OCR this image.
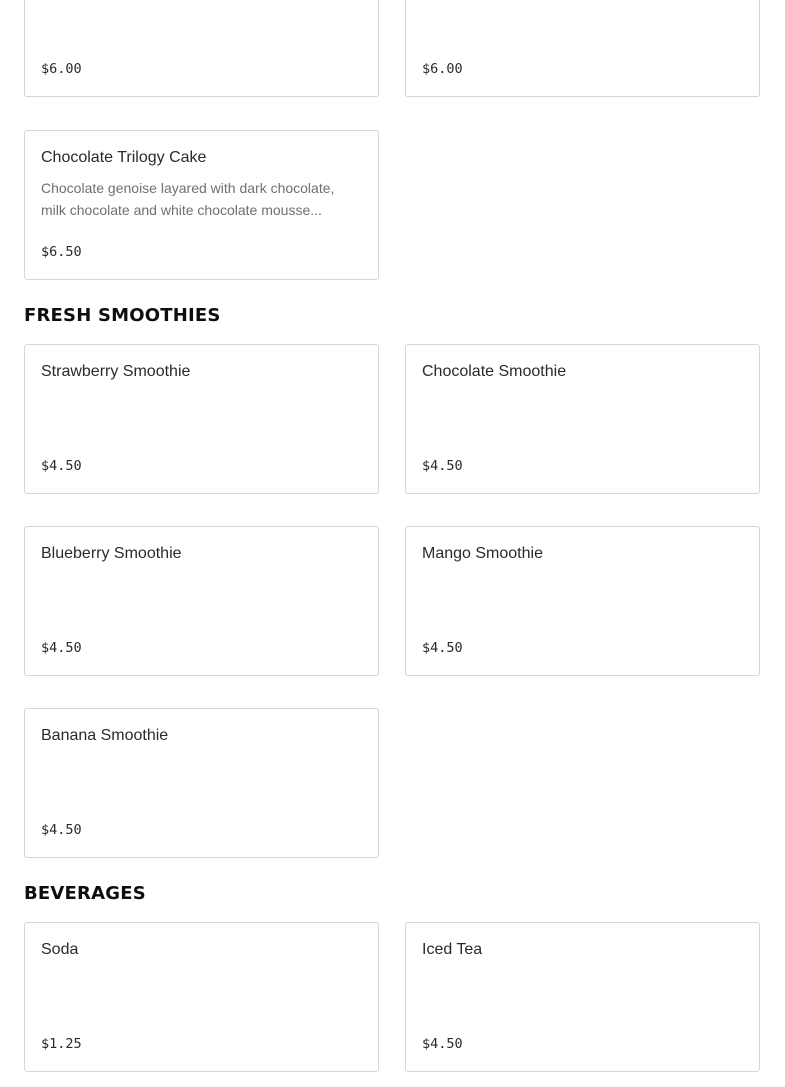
$6.00	$6.00
Chocolate Trilogy Cake
Chocolate genoise layared with dark chocolate, milk chocolate and white chocolate mousse...
$6.50
FRESH SMOOTHIES
Strawberry Smoothie
$4.50
Chocolate Smoothie
$4.50
Blueberry Smoothie
$4.50
Mango Smoothie
$4.50
Banana Smoothie
$4.50
BEVERAGES
Soda
$1.25
Iced Tea
$4.50
